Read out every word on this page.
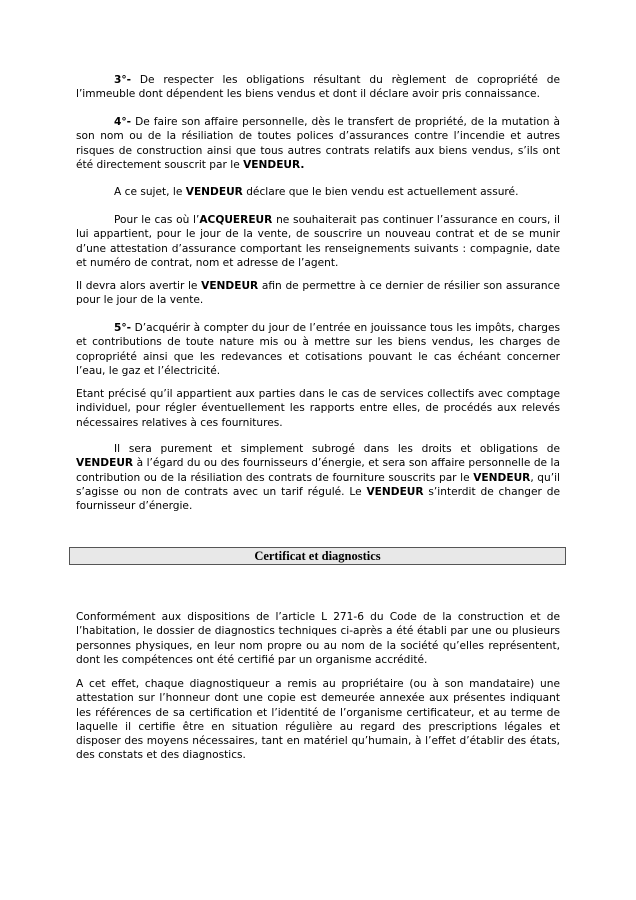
3°- De respecter les obligations résultant du règlement de copropriété de l’immeuble dont dépendent les biens vendus et dont il déclare avoir pris connaissance.

4°- De faire son affaire personnelle, dès le transfert de propriété, de la mutation à son nom ou de la résiliation de toutes polices d’assurances contre l’incendie et autres risques de construction ainsi que tous autres contrats relatifs aux biens vendus, s’ils ont été directement souscrit par le VENDEUR.

A ce sujet, le VENDEUR déclare que le bien vendu est actuellement assuré.

Pour le cas où l’ACQUEREUR ne souhaiterait pas continuer l’assurance en cours, il lui appartient, pour le jour de la vente, de souscrire un nouveau contrat et de se munir d’une attestation d’assurance comportant les renseignements suivants : compagnie, date et numéro de contrat, nom et adresse de l’agent.

Il devra alors avertir le VENDEUR afin de permettre à ce dernier de résilier son assurance pour le jour de la vente.

5°- D’acquérir à compter du jour de l’entrée en jouissance tous les impôts, charges et contributions de toute nature mis ou à mettre sur les biens vendus, les charges de copropriété ainsi que les redevances et cotisations pouvant le cas échéant concerner l’eau, le gaz et l’électricité.

Etant précisé qu’il appartient aux parties dans le cas de services collectifs avec comptage individuel, pour régler éventuellement les rapports entre elles, de procédés aux relevés nécessaires relatives à ces fournitures.

Il sera purement et simplement subrogé dans les droits et obligations de VENDEUR à l’égard du ou des fournisseurs d’énergie, et sera son affaire personnelle de la contribution ou de la résiliation des contrats de fourniture souscrits par le VENDEUR, qu’il s’agisse ou non de contrats avec un tarif régulé. Le VENDEUR s’interdit de changer de fournisseur d’énergie.

Certificat et diagnostics

Conformément aux dispositions de l’article L 271-6 du Code de la construction et de l’habitation, le dossier de diagnostics techniques ci-après a été établi par une ou plusieurs personnes physiques, en leur nom propre ou au nom de la société qu’elles représentent, dont les compétences ont été certifié par un organisme accrédité.

A cet effet, chaque diagnostiqueur a remis au propriétaire (ou à son mandataire) une attestation sur l’honneur dont une copie est demeurée annexée aux présentes indiquant les références de sa certification et l’identité de l’organisme certificateur, et au terme de laquelle il certifie être en situation régulière au regard des prescriptions légales et disposer des moyens nécessaires, tant en matériel qu’humain, à l’effet d’établir des états, des constats et des diagnostics.
